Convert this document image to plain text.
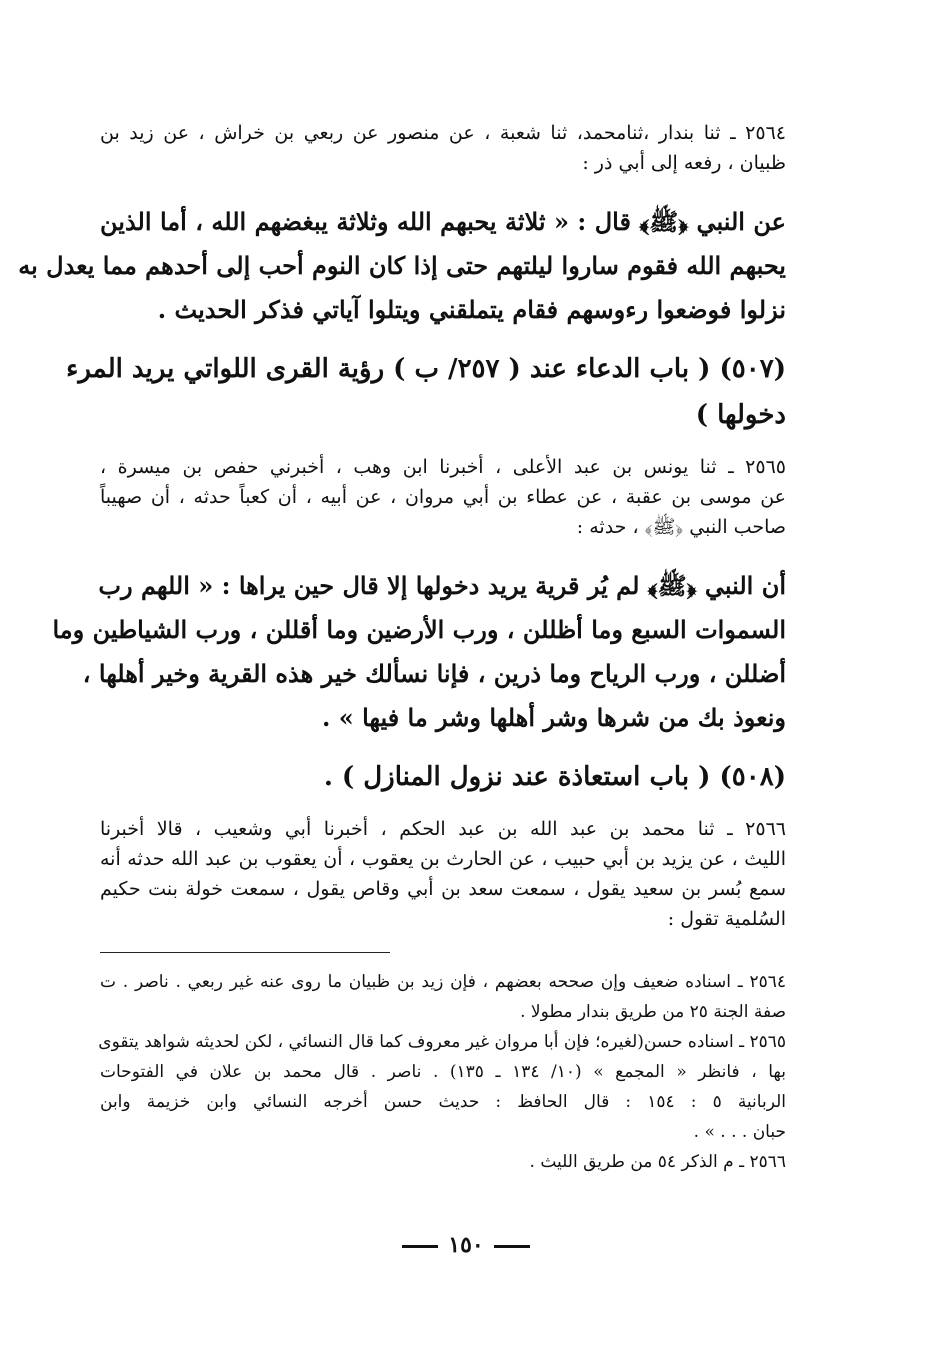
٢٥٦٤ ـ ثنا بندار ،ثنامحمد، ثنا شعبة ، عن منصور عن ربعي بن خراش ، عن زيد بن
ظبيان ، رفعه إلى أبي ذر :
عن النبي ﴿ﷺ﴾ قال : « ثلاثة يحبهم الله وثلاثة يبغضهم الله ، أما الذين
يحبهم الله فقوم ساروا ليلتهم حتى إذا كان النوم أحب إلى أحدهم مما يعدل به
نزلوا فوضعوا رءوسهم فقام يتملقني ويتلوا آياتي فذكر الحديث .
(٥٠٧) ( باب الدعاء عند ( ٢٥٧/ ب ) رؤية القرى اللواتي يريد المرء
دخولها )
٢٥٦٥ ـ ثنا يونس بن عبد الأعلى ، أخبرنا ابن وهب ، أخبرني حفص بن ميسرة ،
عن موسى بن عقبة ، عن عطاء بن أبي مروان ، عن أبيه ، أن كعباً حدثه ، أن صهيباً
صاحب النبي ﴿ﷺ﴾ ، حدثه :
أن النبي ﴿ﷺ﴾ لم يُر قرية يريد دخولها إلا قال حين يراها : « اللهم رب
السموات السبع وما أظللن ، ورب الأرضين وما أقللن ، ورب الشياطين وما
أضللن ، ورب الرياح وما ذرين ، فإنا نسألك خير هذه القرية وخير أهلها ،
ونعوذ بك من شرها وشر أهلها وشر ما فيها » .
(٥٠٨) ( باب استعاذة عند نزول المنازل ) .
٢٥٦٦ ـ ثنا محمد بن عبد الله بن عبد الحكم ، أخبرنا أبي وشعيب ، قالا أخبرنا
الليث ، عن يزيد بن أبي حبيب ، عن الحارث بن يعقوب ، أن يعقوب بن عبد الله حدثه أنه
سمع بُسر بن سعيد يقول ، سمعت سعد بن أبي وقاص يقول ، سمعت خولة بنت حكيم
السُلمية تقول :
٢٥٦٤ ـ اسناده ضعيف وإن صححه بعضهم ، فإن زيد بن ظبيان ما روى عنه غير ربعي . ناصر . ت
صفة الجنة ٢٥ من طريق بندار مطولا .
٢٥٦٥ ـ اسناده حسن(لغيره؛ فإن أبا مروان غير معروف كما قال النسائي ، لكن لحديثه شواهد يتقوى
بها ، فانظر « المجمع » (١٠/ ١٣٤ ـ ١٣٥) . ناصر . قال محمد بن علان في الفتوحات
الربانية ٥ : ١٥٤ : قال الحافظ : حديث حسن أخرجه النسائي وابن خزيمة وابن
حبان . . . » .
٢٥٦٦ ـ م الذكر ٥٤ من طريق الليث .
١٥٠
